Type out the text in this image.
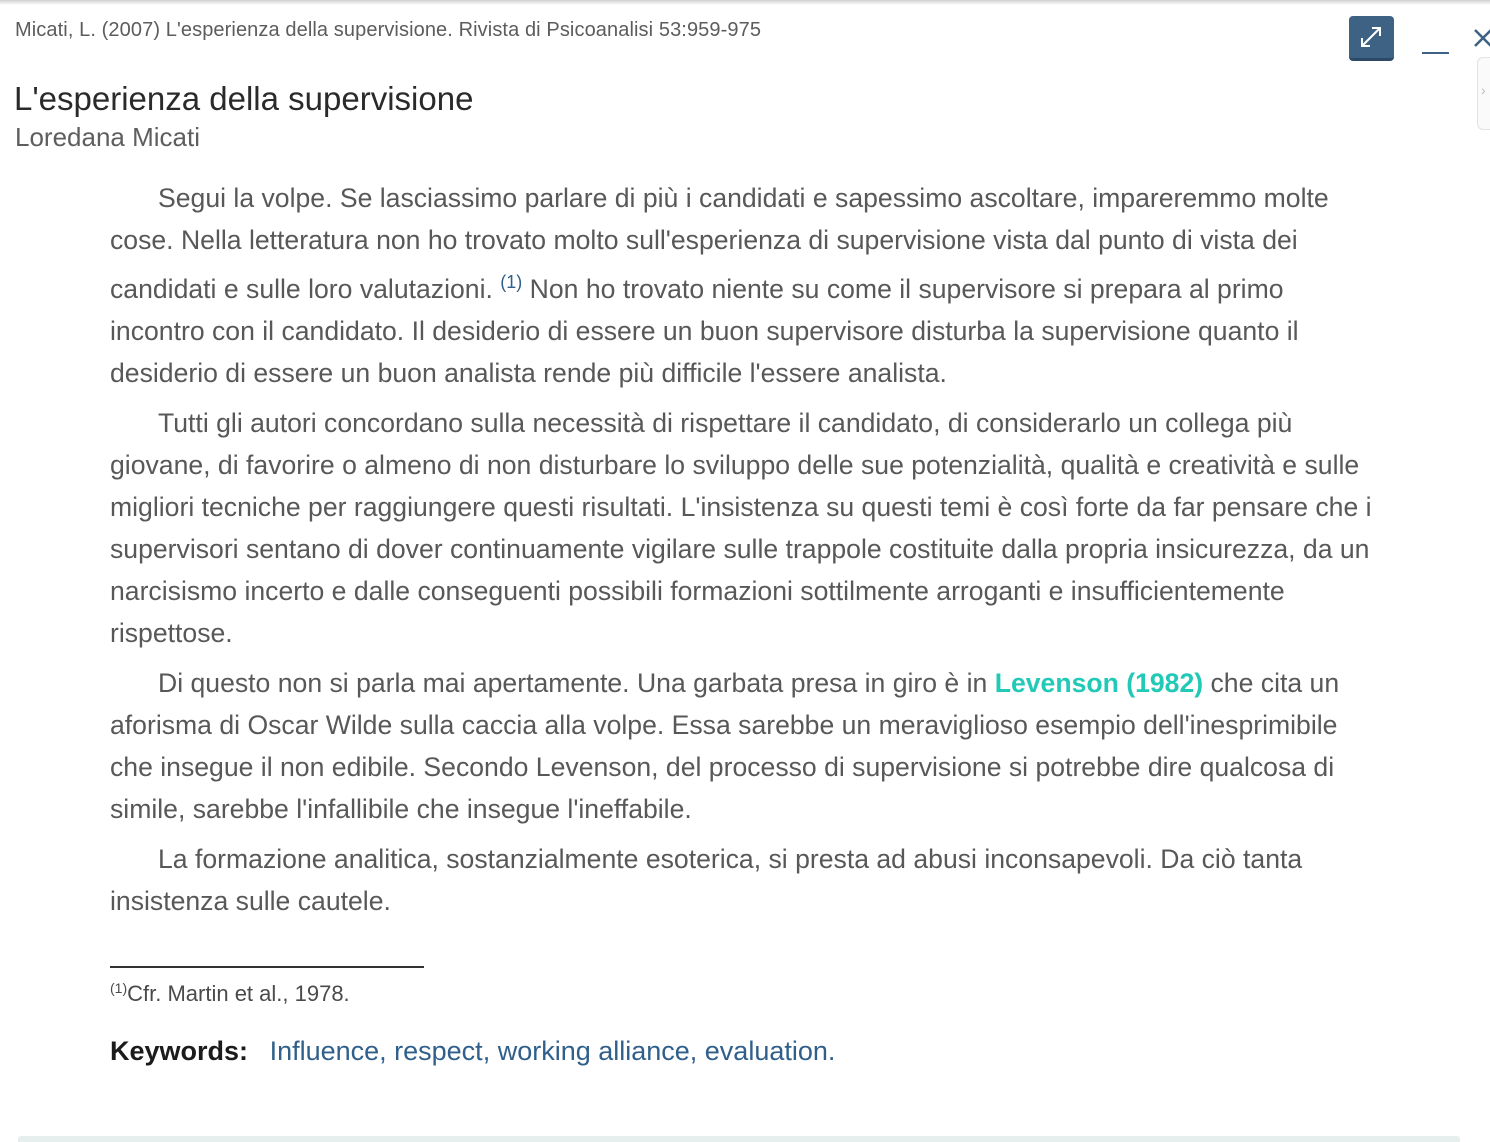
Micati, L. (2007) L'esperienza della supervisione. Rivista di Psicoanalisi 53:959-975
›
L'esperienza della supervisione
Loredana Micati

Segui la volpe. Se lasciassimo parlare di più i candidati e sapessimo ascoltare, impareremmo molte cose. Nella letteratura non ho trovato molto sull'esperienza di supervisione vista dal punto di vista dei candidati e sulle loro valutazioni. $^{(1)}$ Non ho trovato niente su come il supervisore si prepara al primo incontro con il candidato. Il desiderio di essere un buon supervisore disturba la supervisione quanto il desiderio di essere un buon analista rende più difficile l'essere analista.

Tutti gli autori concordano sulla necessità di rispettare il candidato, di considerarlo un collega più giovane, di favorire o almeno di non disturbare lo sviluppo delle sue potenzialità, qualità e creatività e sulle migliori tecniche per raggiungere questi risultati. L'insistenza su questi temi è così forte da far pensare che i supervisori sentano di dover continuamente vigilare sulle trappole costituite dalla propria insicurezza, da un narcisismo incerto e dalle conseguenti possibili formazioni sottilmente arroganti e insufficientemente rispettose.

Di questo non si parla mai apertamente. Una garbata presa in giro è in Levenson (1982) che cita un aforisma di Oscar Wilde sulla caccia alla volpe. Essa sarebbe un meraviglioso esempio dell'inesprimibile che insegue il non edibile. Secondo Levenson, del processo di supervisione si potrebbe dire qualcosa di simile, sarebbe l'infallibile che insegue l'ineffabile.

La formazione analitica, sostanzialmente esoterica, si presta ad abusi inconsapevoli. Da ciò tanta insistenza sulle cautele.

$^{(1)}$Cfr. Martin et al., 1978.
Keywords: Influence, respect, working alliance, evaluation.
